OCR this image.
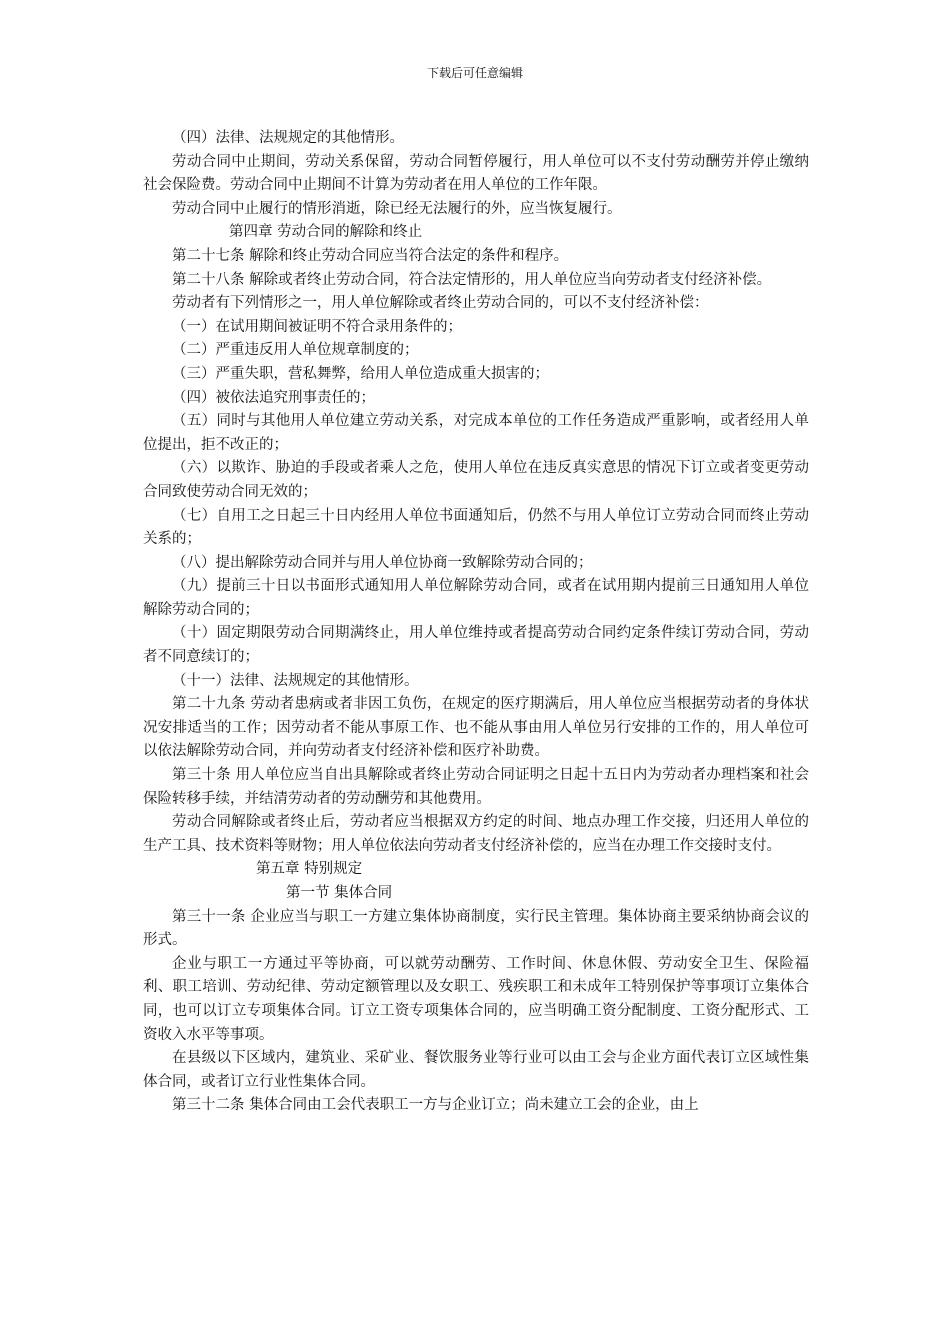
下载后可任意编辑

（四）法律、法规规定的其他情形。

劳动合同中止期间，劳动关系保留，劳动合同暂停履行，用人单位可以不支付劳动酬劳并停止缴纳社会保险费。劳动合同中止期间不计算为劳动者在用人单位的工作年限。

劳动合同中止履行的情形消逝，除已经无法履行的外，应当恢复履行。

第四章 劳动合同的解除和终止

第二十七条 解除和终止劳动合同应当符合法定的条件和程序。

第二十八条 解除或者终止劳动合同，符合法定情形的，用人单位应当向劳动者支付经济补偿。

劳动者有下列情形之一，用人单位解除或者终止劳动合同的，可以不支付经济补偿：

（一）在试用期间被证明不符合录用条件的；

（二）严重违反用人单位规章制度的；

（三）严重失职，营私舞弊，给用人单位造成重大损害的；

（四）被依法追究刑事责任的；

（五）同时与其他用人单位建立劳动关系，对完成本单位的工作任务造成严重影响，或者经用人单位提出，拒不改正的；

（六）以欺诈、胁迫的手段或者乘人之危，使用人单位在违反真实意思的情况下订立或者变更劳动合同致使劳动合同无效的；

（七）自用工之日起三十日内经用人单位书面通知后，仍然不与用人单位订立劳动合同而终止劳动关系的；

（八）提出解除劳动合同并与用人单位协商一致解除劳动合同的；

（九）提前三十日以书面形式通知用人单位解除劳动合同，或者在试用期内提前三日通知用人单位解除劳动合同的；

（十）固定期限劳动合同期满终止，用人单位维持或者提高劳动合同约定条件续订劳动合同，劳动者不同意续订的；

（十一）法律、法规规定的其他情形。

第二十九条 劳动者患病或者非因工负伤，在规定的医疗期满后，用人单位应当根据劳动者的身体状况安排适当的工作；因劳动者不能从事原工作、也不能从事由用人单位另行安排的工作的，用人单位可以依法解除劳动合同，并向劳动者支付经济补偿和医疗补助费。

第三十条 用人单位应当自出具解除或者终止劳动合同证明之日起十五日内为劳动者办理档案和社会保险转移手续，并结清劳动者的劳动酬劳和其他费用。

劳动合同解除或者终止后，劳动者应当根据双方约定的时间、地点办理工作交接，归还用人单位的生产工具、技术资料等财物；用人单位依法向劳动者支付经济补偿的，应当在办理工作交接时支付。

第五章 特别规定

第一节 集体合同

第三十一条 企业应当与职工一方建立集体协商制度，实行民主管理。集体协商主要采纳协商会议的形式。

企业与职工一方通过平等协商，可以就劳动酬劳、工作时间、休息休假、劳动安全卫生、保险福利、职工培训、劳动纪律、劳动定额管理以及女职工、残疾职工和未成年工特别保护等事项订立集体合同，也可以订立专项集体合同。订立工资专项集体合同的，应当明确工资分配制度、工资分配形式、工资收入水平等事项。

在县级以下区域内，建筑业、采矿业、餐饮服务业等行业可以由工会与企业方面代表订立区域性集体合同，或者订立行业性集体合同。

第三十二条 集体合同由工会代表职工一方与企业订立；尚未建立工会的企业，由上
